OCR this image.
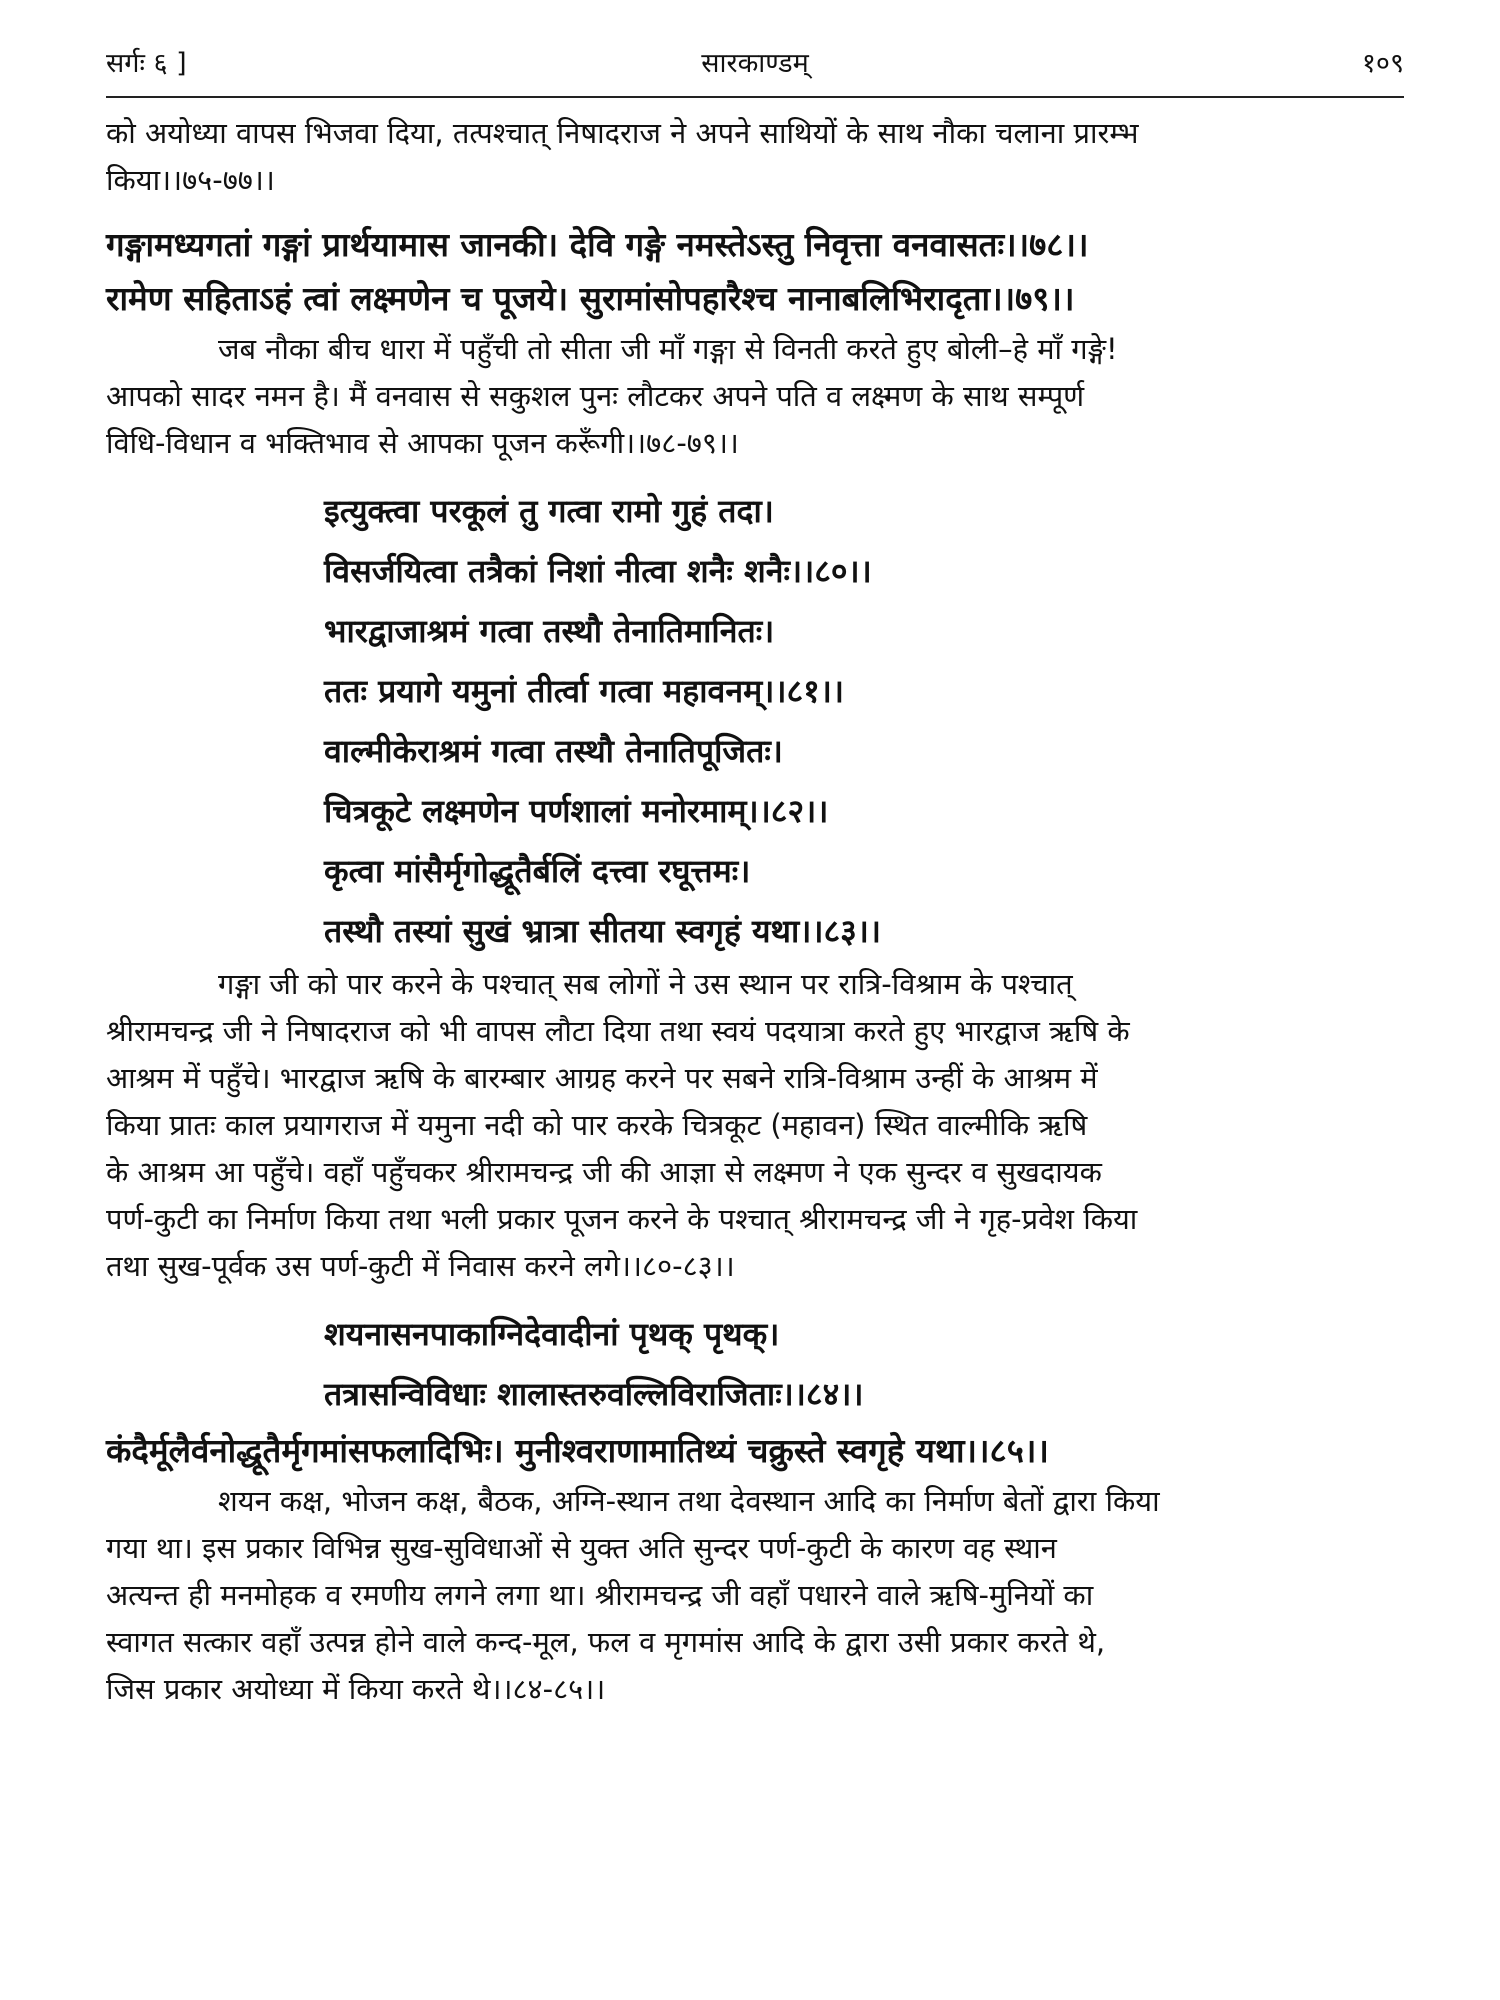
सर्गः ६ ]	सारकाण्डम्	१०९
को अयोध्या वापस भिजवा दिया, तत्पश्चात् निषादराज ने अपने साथियों के साथ नौका चलाना प्रारम्भ
किया।।७५-७७।।
गङ्गामध्यगतां गङ्गां प्रार्थयामास जानकी। देवि गङ्गे नमस्तेऽस्तु निवृत्ता वनवासतः।।७८।।
रामेण सहिताऽहं त्वां लक्ष्मणेन च पूजये। सुरामांसोपहारैश्च नानाबलिभिरादृता।।७९।।
जब नौका बीच धारा में पहुँची तो सीता जी माँ गङ्गा से विनती करते हुए बोली–हे माँ गङ्गे!
आपको सादर नमन है। मैं वनवास से सकुशल पुनः लौटकर अपने पति व लक्ष्मण के साथ सम्पूर्ण
विधि-विधान व भक्तिभाव से आपका पूजन करूँगी।।७८-७९।।
इत्युक्त्वा परकूलं तु गत्वा रामो गुहं तदा।
विसर्जयित्वा तत्रैकां निशां नीत्वा शनैः शनैः।।८०।।
भारद्वाजाश्रमं गत्वा तस्थौ तेनातिमानितः।
ततः प्रयागे यमुनां तीर्त्वा गत्वा महावनम्।।८१।।
वाल्मीकेराश्रमं गत्वा तस्थौ तेनातिपूजितः।
चित्रकूटे लक्ष्मणेन पर्णशालां मनोरमाम्।।८२।।
कृत्वा मांसैर्मृगोद्धूतैर्बलिं दत्त्वा रघूत्तमः।
तस्थौ तस्यां सुखं भ्रात्रा सीतया स्वगृहं यथा।।८३।।
गङ्गा जी को पार करने के पश्चात् सब लोगों ने उस स्थान पर रात्रि-विश्राम के पश्चात्
श्रीरामचन्द्र जी ने निषादराज को भी वापस लौटा दिया तथा स्वयं पदयात्रा करते हुए भारद्वाज ऋषि के
आश्रम में पहुँचे। भारद्वाज ऋषि के बारम्बार आग्रह करने पर सबने रात्रि-विश्राम उन्हीं के आश्रम में
किया प्रातः काल प्रयागराज में यमुना नदी को पार करके चित्रकूट (महावन) स्थित वाल्मीकि ऋषि
के आश्रम आ पहुँचे। वहाँ पहुँचकर श्रीरामचन्द्र जी की आज्ञा से लक्ष्मण ने एक सुन्दर व सुखदायक
पर्ण-कुटी का निर्माण किया तथा भली प्रकार पूजन करने के पश्चात् श्रीरामचन्द्र जी ने गृह-प्रवेश किया
तथा सुख-पूर्वक उस पर्ण-कुटी में निवास करने लगे।।८०-८३।।
शयनासनपाकाग्निदेवादीनां पृथक् पृथक्।
तत्रासन्विविधाः शालास्तरुवल्लिविराजिताः।।८४।।
कंदैर्मूलैर्वनोद्धूतैर्मृगमांसफलादिभिः। मुनीश्वराणामातिथ्यं चक्रुस्ते स्वगृहे यथा।।८५।।
शयन कक्ष, भोजन कक्ष, बैठक, अग्नि-स्थान तथा देवस्थान आदि का निर्माण बेतों द्वारा किया
गया था। इस प्रकार विभिन्न सुख-सुविधाओं से युक्त अति सुन्दर पर्ण-कुटी के कारण वह स्थान
अत्यन्त ही मनमोहक व रमणीय लगने लगा था। श्रीरामचन्द्र जी वहाँ पधारने वाले ऋषि-मुनियों का
स्वागत सत्कार वहाँ उत्पन्न होने वाले कन्द-मूल, फल व मृगमांस आदि के द्वारा उसी प्रकार करते थे,
जिस प्रकार अयोध्या में किया करते थे।।८४-८५।।
